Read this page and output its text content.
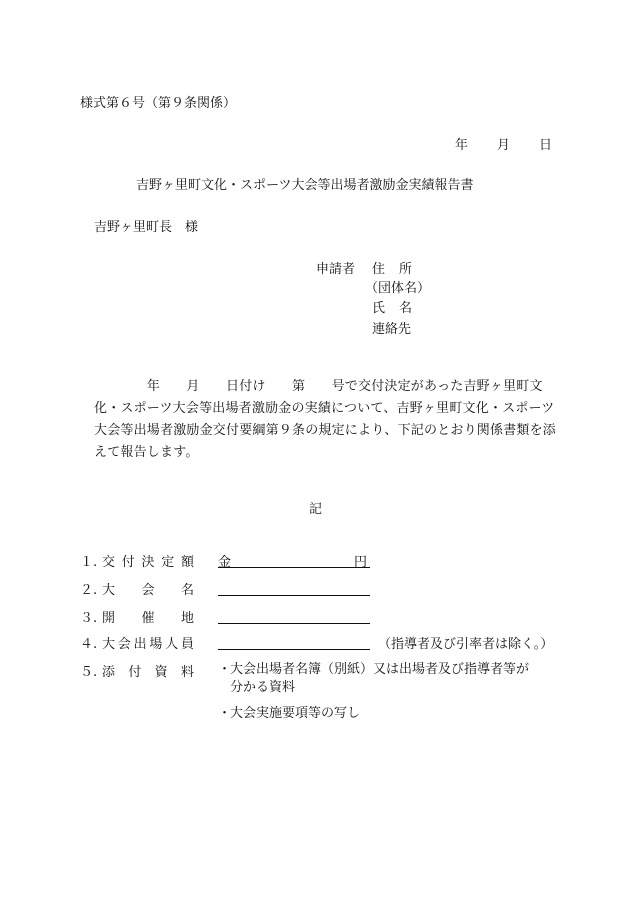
様式第６号（第９条関係）
年 月 日
吉野ヶ里町文化・スポーツ大会等出場者激励金実績報告書
吉野ヶ里町長　様
申請者 住所
（団体名）
氏名
連絡先
　　　　年　　月　　日付け　　第　　号で交付決定があった吉野ヶ里町文化・スポーツ大会等出場者激励金の実績について、吉野ヶ里町文化・スポーツ大会等出場者激励金交付要綱第９条の規定により、下記のとおり関係書類を添えて報告します。
記
１. 交付決定額 金	円
２. 大会名
３. 開催地
４. 大会出場人員	（指導者及び引率者は除く。）
５. 添付資料 ・大会出場者名簿（別紙）又は出場者及び指導者等が
分かる資料
・大会実施要項等の写し
